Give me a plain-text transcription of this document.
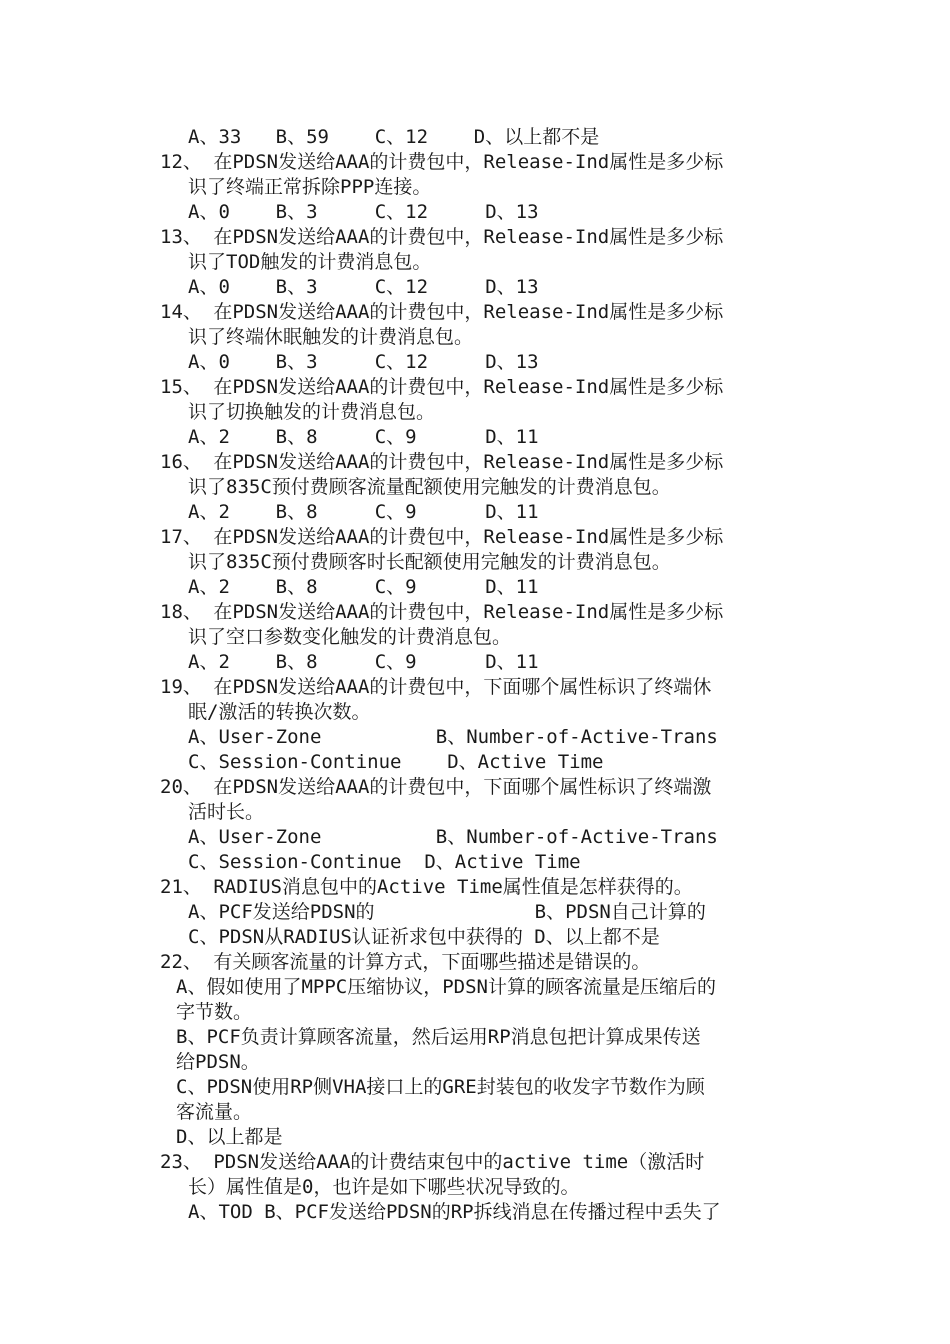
A、33   B、59    C、12    D、以上都不是
12、 在PDSN发送给AAA的计费包中，Release-Ind属性是多少标
识了终端正常拆除PPP连接。
A、0    B、3     C、12     D、13
13、 在PDSN发送给AAA的计费包中，Release-Ind属性是多少标
识了TOD触发的计费消息包。
A、0    B、3     C、12     D、13
14、 在PDSN发送给AAA的计费包中，Release-Ind属性是多少标
识了终端休眠触发的计费消息包。
A、0    B、3     C、12     D、13
15、 在PDSN发送给AAA的计费包中，Release-Ind属性是多少标
识了切换触发的计费消息包。
A、2    B、8     C、9      D、11
16、 在PDSN发送给AAA的计费包中，Release-Ind属性是多少标
识了835C预付费顾客流量配额使用完触发的计费消息包。
A、2    B、8     C、9      D、11
17、 在PDSN发送给AAA的计费包中，Release-Ind属性是多少标
识了835C预付费顾客时长配额使用完触发的计费消息包。
A、2    B、8     C、9      D、11
18、 在PDSN发送给AAA的计费包中，Release-Ind属性是多少标
识了空口参数变化触发的计费消息包。
A、2    B、8     C、9      D、11
19、 在PDSN发送给AAA的计费包中，下面哪个属性标识了终端休
眠/激活的转换次数。
A、User-Zone          B、Number-of-Active-Trans
C、Session-Continue    D、Active Time
20、 在PDSN发送给AAA的计费包中，下面哪个属性标识了终端激
活时长。
A、User-Zone          B、Number-of-Active-Trans
C、Session-Continue  D、Active Time
21、 RADIUS消息包中的Active Time属性值是怎样获得的。
A、PCF发送给PDSN的              B、PDSN自己计算的
C、PDSN从RADIUS认证祈求包中获得的 D、以上都不是
22、 有关顾客流量的计算方式，下面哪些描述是错误的。
A、假如使用了MPPC压缩协议，PDSN计算的顾客流量是压缩后的
字节数。
B、PCF负责计算顾客流量，然后运用RP消息包把计算成果传送
给PDSN。
C、PDSN使用RP侧VHA接口上的GRE封装包的收发字节数作为顾
客流量。
D、以上都是
23、 PDSN发送给AAA的计费结束包中的active time（激活时
长）属性值是0，也许是如下哪些状况导致的。
A、TOD B、PCF发送给PDSN的RP拆线消息在传播过程中丢失了
